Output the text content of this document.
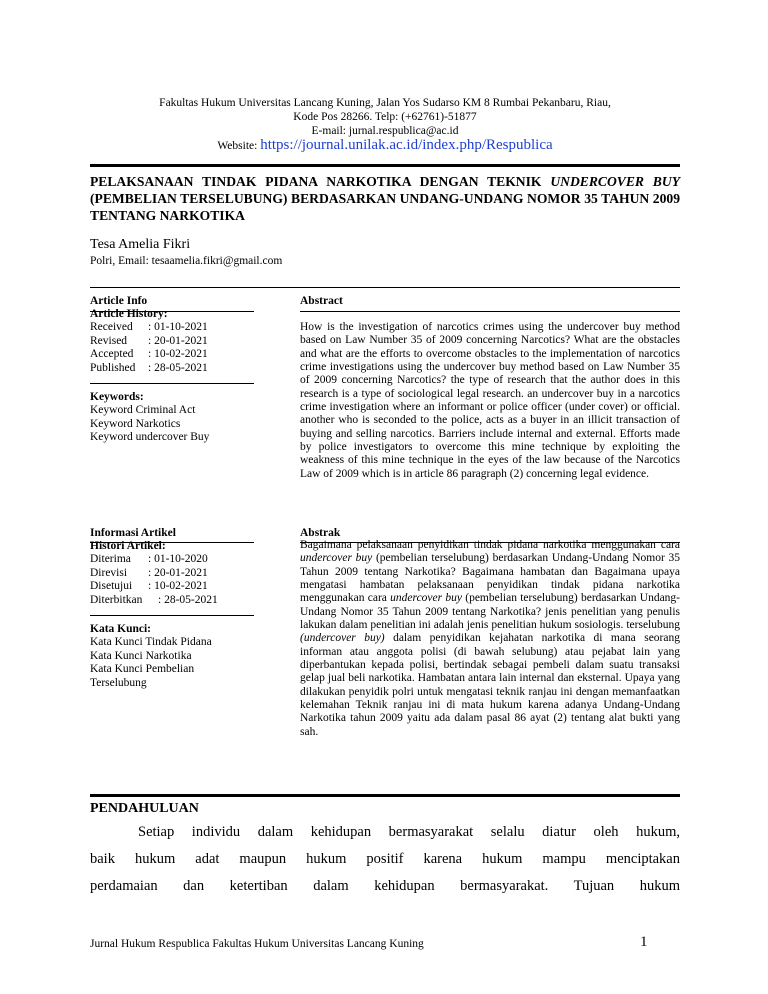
Fakultas Hukum Universitas Lancang Kuning, Jalan Yos Sudarso KM 8 Rumbai Pekanbaru, Riau,
Kode Pos 28266. Telp: (+62761)-51877
E-mail: jurnal.respublica@ac.id
Website: https://journal.unilak.ac.id/index.php/Respublica
PELAKSANAAN TINDAK PIDANA NARKOTIKA DENGAN TEKNIK UNDERCOVER BUY (PEMBELIAN TERSELUBUNG) BERDASARKAN UNDANG-UNDANG NOMOR 35 TAHUN 2009 TENTANG NARKOTIKA
Tesa Amelia Fikri
Polri, Email: tesaamelia.fikri@gmail.com
Article Info
Article History:
Received	: 01-10-2021
Revised	: 20-01-2021
Accepted	: 10-02-2021
Published	: 28-05-2021
Keywords:
Keyword Criminal Act
Keyword Narkotics
Keyword undercover Buy
Abstract
How is the investigation of narcotics crimes using the undercover buy method based on Law Number 35 of 2009 concerning Narcotics? What are the obstacles and what are the efforts to overcome obstacles to the implementation of narcotics crime investigations using the undercover buy method based on Law Number 35 of 2009 concerning Narcotics? the type of research that the author does in this research is a type of sociological legal research. an undercover buy in a narcotics crime investigation where an informant or police officer (under cover) or official. another who is seconded to the police, acts as a buyer in an illicit transaction of buying and selling narcotics. Barriers include internal and external. Efforts made by police investigators to overcome this mine technique by exploiting the weakness of this mine technique in the eyes of the law because of the Narcotics Law of 2009 which is in article 86 paragraph (2) concerning legal evidence.
Informasi Artikel
Histori Artikel:
Diterima	: 01-10-2020
Direvisi	: 20-01-2021
Disetujui	: 10-02-2021
Diterbitkan	: 28-05-2021
Kata Kunci:
Kata Kunci Tindak Pidana
Kata Kunci Narkotika
Kata Kunci Pembelian Terselubung
Abstrak
Bagaimana pelaksanaan penyidikan tindak pidana narkotika menggunakan cara undercover buy (pembelian terselubung) berdasarkan Undang-Undang Nomor 35 Tahun 2009 tentang Narkotika? Bagaimana hambatan dan Bagaimana upaya mengatasi hambatan pelaksanaan penyidikan tindak pidana narkotika menggunakan cara undercover buy (pembelian terselubung) berdasarkan Undang-Undang Nomor 35 Tahun 2009 tentang Narkotika? jenis penelitian yang penulis lakukan dalam penelitian ini adalah jenis penelitian hukum sosiologis. terselubung (undercover buy) dalam penyidikan kejahatan narkotika di mana seorang informan atau anggota polisi (di bawah selubung) atau pejabat lain yang diperbantukan kepada polisi, bertindak sebagai pembeli dalam suatu transaksi gelap jual beli narkotika. Hambatan antara lain internal dan eksternal. Upaya yang dilakukan penyidik polri untuk mengatasi teknik ranjau ini dengan memanfaatkan kelemahan Teknik ranjau ini di mata hukum karena adanya Undang-Undang Narkotika tahun 2009 yaitu ada dalam pasal 86 ayat (2) tentang alat bukti yang sah.
PENDAHULUAN
Setiap individu dalam kehidupan bermasyarakat selalu diatur oleh hukum,
baik hukum adat maupun hukum positif karena hukum mampu menciptakan
perdamaian dan ketertiban dalam kehidupan bermasyarakat. Tujuan hukum
Jurnal Hukum Respublica Fakultas Hukum Universitas Lancang Kuning	1
